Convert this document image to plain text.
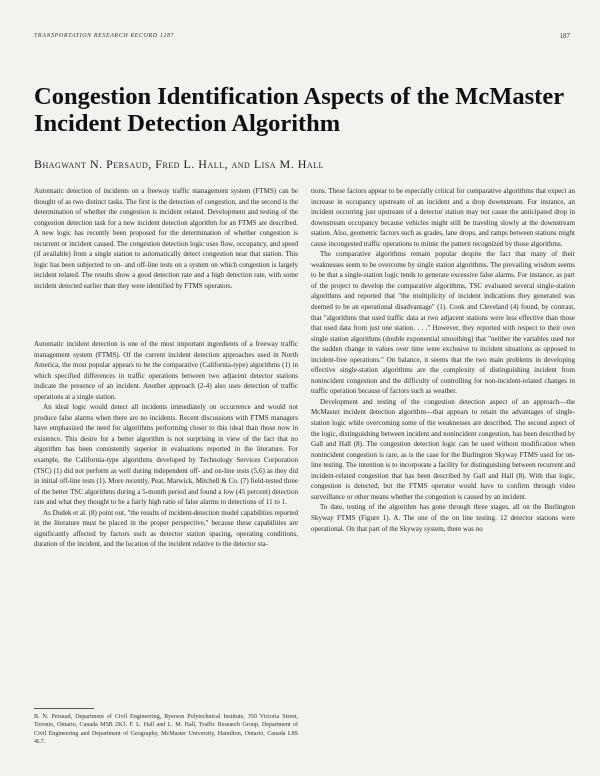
TRANSPORTATION RESEARCH RECORD 1287	187
Congestion Identification Aspects of the McMaster Incident Detection Algorithm
Bhagwant N. Persaud, Fred L. Hall, and Lisa M. Hall
Automatic detection of incidents on a freeway traffic management system (FTMS) can be thought of as two distinct tasks. The first is the detection of congestion, and the second is the determination of whether the congestion is incident related. Development and testing of the congestion detection task for a new incident detection algorithm for an FTMS are described. A new logic has recently been proposed for the determination of whether congestion is recurrent or incident caused. The congestion detection logic uses flow, occupancy, and speed (if available) from a single station to automatically detect congestion near that station. This logic has been subjected to on- and off-line tests on a system on which congestion is largely incident related. The results show a good detection rate and a high detection rate, with some incident detected earlier than they were identified by FTMS operators.

Automatic incident detection is one of the most important ingredients of a freeway traffic management system (FTMS). Of the current incident detection approaches used in North America, the most popular appears to be the comparative (California-type) algorithms (1) in which specified differences in traffic operations between two adjacent detector stations indicate the presence of an incident. Another approach (2-4) also uses detection of traffic operations at a single station.

An ideal logic would detect all incidents immediately on occurrence and would not produce false alarms when there are no incidents. Recent discussions with FTMS managers have emphasized the need for algorithms performing closer to this ideal than those now in existence. This desire for a better algorithm is not surprising in view of the fact that no algorithm has been consistently superior in evaluations reported in the literature. For example, the California-type algorithms developed by Technology Services Corporation (TSC) (1) did not perform as well during independent off- and on-line tests (5,6) as they did in initial off-line tests (1). More recently, Peat, Marwick, Mitchell & Co. (7) field-tested three of the better TSC algorithms during a 5-month period and found a low (45 percent) detection rate and what they thought to be a fairly high ratio of false alarms to detections of 11 to 1.

As Dudek et al. (8) point out, "the results of incident-detection model capabilities reported in the literature must be placed in the proper perspective," because these capabilities are significantly affected by factors such as detector station spacing, operating conditions, duration of the incident, and the location of the incident relative to the detector sta-

tions. These factors appear to be especially critical for comparative algorithms that expect an increase in occupancy upstream of an incident and a drop downstream. For instance, an incident occurring just upstream of a detector station may not cause the anticipated drop in downstream occupancy because vehicles might still be traveling slowly at the downstream station. Also, geometric factors such as grades, lane drops, and ramps between stations might cause incongested traffic operations to mimic the pattern recognized by those algorithms.

The comparative algorithms remain popular despite the fact that many of their weaknesses seem to be overcome by single station algorithms. The prevailing wisdom seems to be that a single-station logic tends to generate excessive false alarms. For instance, as part of the project to develop the comparative algorithms, TSC evaluated several single-station algorithms and reported that "the multiplicity of incident indications they generated was deemed to be an operational disadvantage" (1). Cook and Cleveland (4) found, by contrast, that "algorithms that used traffic data at two adjacent stations were less effective than those that used data from just one station. . . ." However, they reported with respect to their own single station algorithms (double exponential smoothing) that "neither the variables used nor the sudden change in values over time were exclusive to incident situations as opposed to incident-free operations." On balance, it seems that the two main problems in developing effective single-station algorithms are the complexity of distinguishing incident from nonincident congestion and the difficulty of controlling for non-incident-related changes in traffic operation because of factors such as weather.

Development and testing of the congestion detection aspect of an approach—the McMaster incident detection algorithm—that appears to retain the advantages of single-station logic while overcoming some of the weaknesses are described. The second aspect of the logic, distinguishing between incident and nonincident congestion, has been described by Gall and Hall (8). The congestion detection logic can be used without modification when nonincident congestion is rare, as is the case for the Burlington Skyway FTMS used for on-line testing. The intention is to incorporate a facility for distinguishing between recurrent and incident-related congestion that has been described by Gall and Hall (8). With that logic, congestion is detected, but the FTMS operator would have to confirm through video surveillance or other means whether the congestion is caused by an incident.

To date, testing of the algorithm has gone through three stages, all on the Burlington Skyway FTMS (Figure 1). A. The one of the on line testing. 12 detector stations were operational. On that part of the Skyway system, there was no

B. N. Persaud, Department of Civil Engineering, Ryerson Polytechnical Institute, 350 Victoria Street, Toronto, Ontario, Canada M5B 2K3. F. L. Hall and L. M. Hall, Traffic Research Group, Department of Civil Engineering and Department of Geography, McMaster University, Hamilton, Ontario, Canada L8S 4L7.
